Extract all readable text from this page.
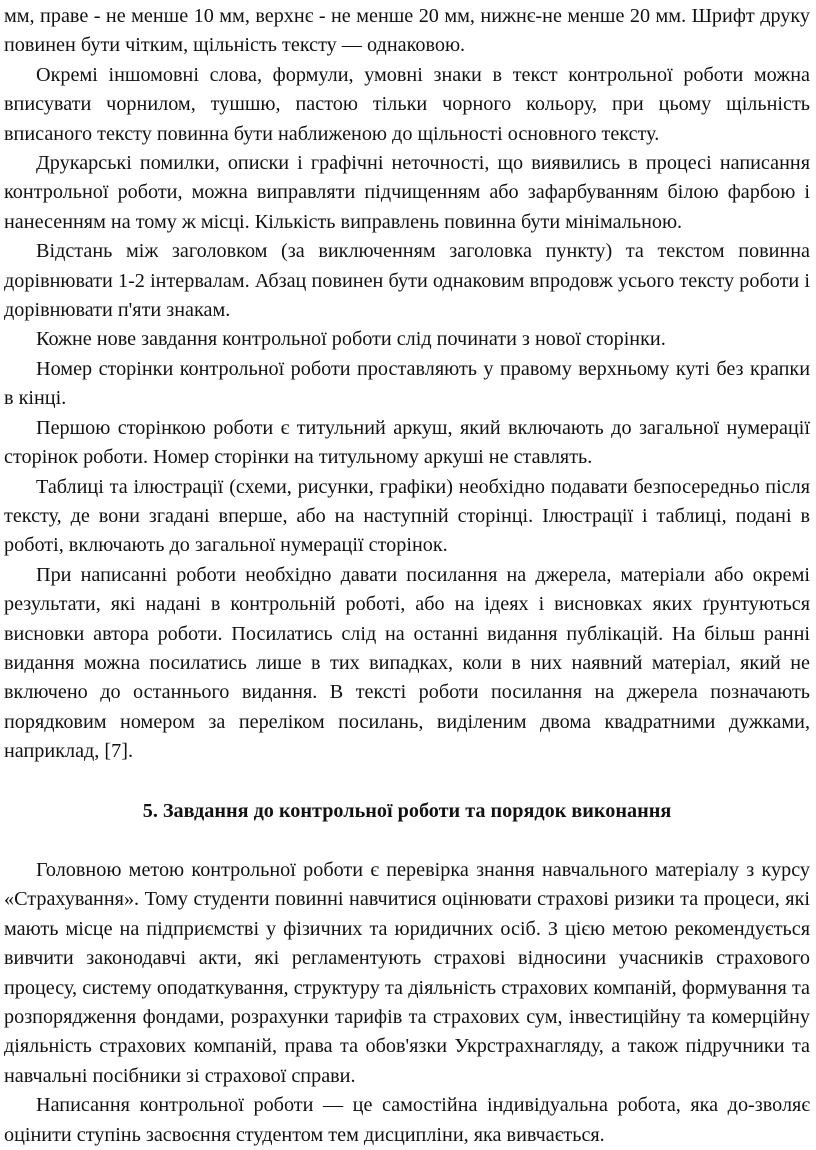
мм, праве - не менше 10 мм, верхнє - не менше 20 мм, нижнє-не менше 20 мм. Шрифт друку повинен бути чітким, щільність тексту — однаковою.

Окремі іншомовні слова, формули, умовні знаки в текст контрольної роботи можна вписувати чорнилом, тушшю, пастою тільки чорного кольору, при цьому щільність вписаного тексту повинна бути наближеною до щільності основного тексту.

Друкарські помилки, описки і графічні неточності, що виявились в процесі написання контрольної роботи, можна виправляти підчищенням або зафарбуванням білою фарбою і нанесенням на тому ж місці. Кількість виправлень повинна бути мінімальною.

Відстань між заголовком (за виключенням заголовка пункту) та текстом повинна дорівнювати 1-2 інтервалам. Абзац повинен бути однаковим впродовж усього тексту роботи і дорівнювати п'яти знакам.

Кожне нове завдання контрольної роботи слід починати з нової сторінки.

Номер сторінки контрольної роботи проставляють у правому верхньому куті без крапки в кінці.

Першою сторінкою роботи є титульний аркуш, який включають до загальної нумерації сторінок роботи. Номер сторінки на титульному аркуші не ставлять.

Таблиці та ілюстрації (схеми, рисунки, графіки) необхідно подавати безпосередньо після тексту, де вони згадані вперше, або на наступній сторінці. Ілюстрації і таблиці, подані в роботі, включають до загальної нумерації сторінок.

При написанні роботи необхідно давати посилання на джерела, матеріали або окремі результати, які надані в контрольній роботі, або на ідеях і висновках яких ґрунтуються висновки автора роботи. Посилатись слід на останні видання публікацій. На більш ранні видання можна посилатись лише в тих випадках, коли в них наявний матеріал, який не включено до останнього видання. В тексті роботи посилання на джерела позначають порядковим номером за переліком посилань, виділеним двома квадратними дужками, наприклад, [7].

5. Завдання до контрольної роботи та порядок виконання

Головною метою контрольної роботи є перевірка знання навчального матеріалу з курсу «Страхування». Тому студенти повинні навчитися оцінювати страхові ризики та процеси, які мають місце на підприємстві у фізичних та юридичних осіб. З цією метою рекомендується вивчити законодавчі акти, які регламентують страхові відносини учасників страхового процесу, систему оподаткування, структуру та діяльність страхових компаній, формування та розпорядження фондами, розрахунки тарифів та страхових сум, інвестиційну та комерційну діяльність страхових компаній, права та обов'язки Укрстрахнагляду, а також підручники та навчальні посібники зі страхової справи.

Написання контрольної роботи — це самостійна індивідуальна робота, яка до-зволяє оцінити ступінь засвоєння студентом тем дисципліни, яка вивчається.
